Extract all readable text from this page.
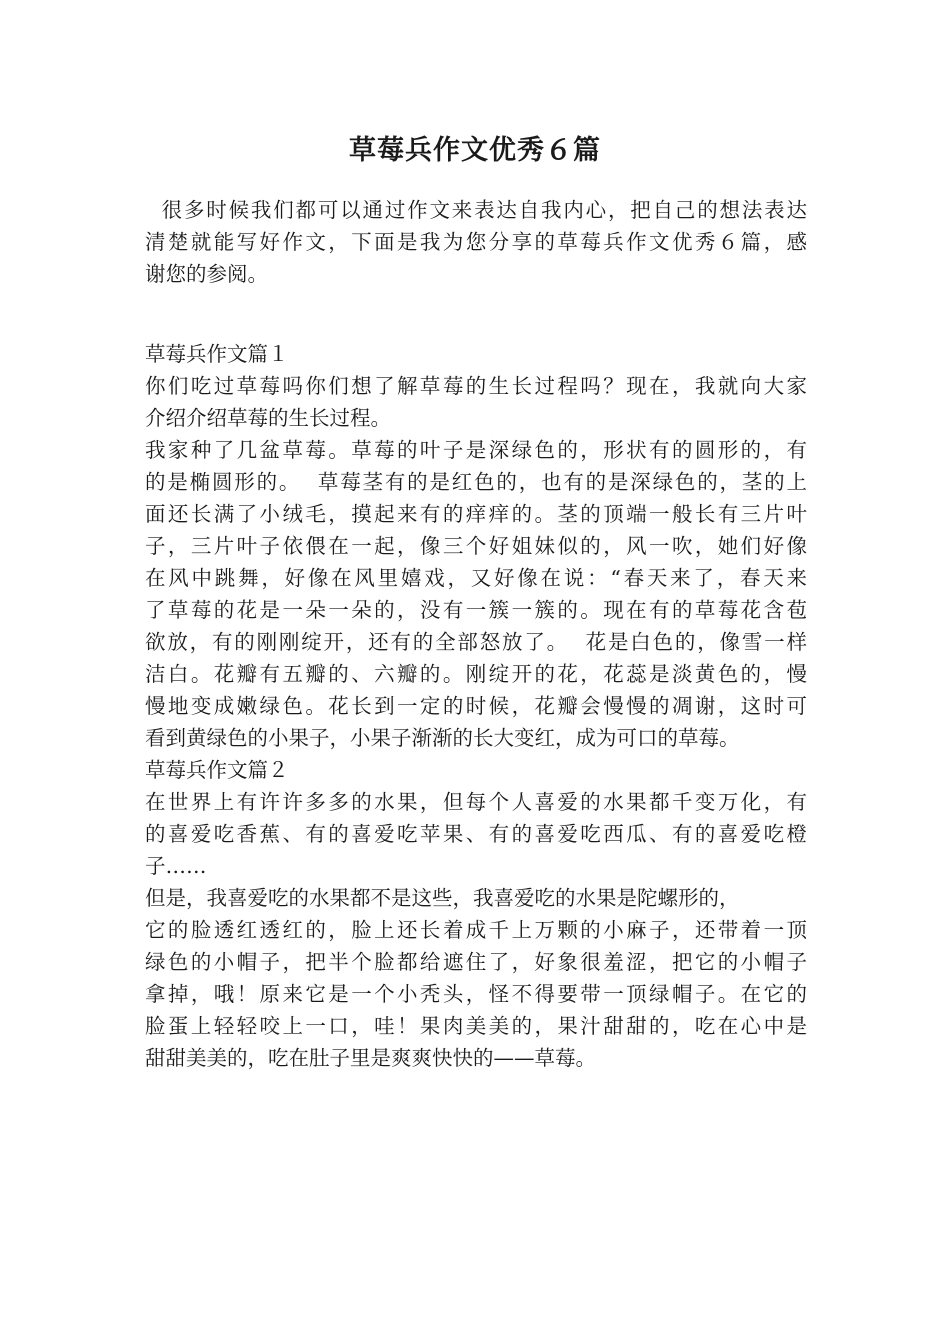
草莓兵作文优秀６篇
很多时候我们都可以通过作文来表达自我内心，把自己的想法表达
清楚就能写好作文，下面是我为您分享的草莓兵作文优秀６篇，感
谢您的参阅。
草莓兵作文篇１
你们吃过草莓吗你们想了解草莓的生长过程吗？现在，我就向大家
介绍介绍草莓的生长过程。
我家种了几盆草莓。草莓的叶子是深绿色的，形状有的圆形的，有
的是椭圆形的。  草莓茎有的是红色的，也有的是深绿色的，茎的上
面还长满了小绒毛，摸起来有的痒痒的。茎的顶端一般长有三片叶
子，三片叶子依偎在一起，像三个好姐妹似的，风一吹，她们好像
在风中跳舞，好像在风里嬉戏，又好像在说：“春天来了，春天来
了草莓的花是一朵一朵的，没有一簇一簇的。现在有的草莓花含苞
欲放，有的刚刚绽开，还有的全部怒放了。  花是白色的，像雪一样
洁白。花瓣有五瓣的、六瓣的。刚绽开的花，花蕊是淡黄色的，慢
慢地变成嫩绿色。花长到一定的时候，花瓣会慢慢的凋谢，这时可
看到黄绿色的小果子，小果子渐渐的长大变红，成为可口的草莓。
草莓兵作文篇２
在世界上有许许多多的水果，但每个人喜爱的水果都千变万化，有
的喜爱吃香蕉、有的喜爱吃苹果、有的喜爱吃西瓜、有的喜爱吃橙
子……
但是，我喜爱吃的水果都不是这些，我喜爱吃的水果是陀螺形的，
它的脸透红透红的，脸上还长着成千上万颗的小麻子，还带着一顶
绿色的小帽子，把半个脸都给遮住了，好象很羞涩，把它的小帽子
拿掉，哦！原来它是一个小秃头，怪不得要带一顶绿帽子。在它的
脸蛋上轻轻咬上一口，哇！果肉美美的，果汁甜甜的，吃在心中是
甜甜美美的，吃在肚子里是爽爽快快的——草莓。
